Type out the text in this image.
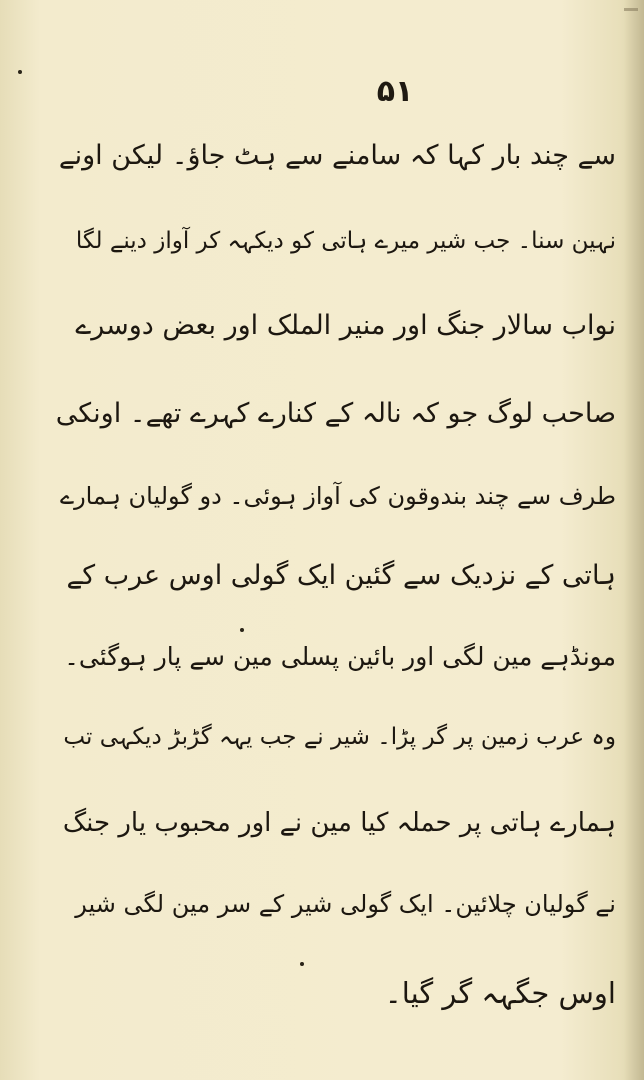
۵۱
سے چند بار کہا کہ سامنے سے ہٹ جاؤ۔ لیکن اونے
نہین سنا۔ جب شیر میرے ہاتی کو دیکہہ کر آواز دینے لگا
نواب سالار جنگ اور منیر الملک اور بعض دوسرے
صاحب لوگ جو کہ نالہ کے کنارے کہرے تھے۔ اونکی
طرف سے چند بندوقون کی آواز ہوئی۔ دو گولیان ہمارے
ہاتی کے نزدیک سے گئین ایک گولی اوس عرب کے
مونڈہے مین لگی اور بائین پسلی مین سے پار ہوگئی۔
وہ عرب زمین پر گر پڑا۔ شیر نے جب یہہ گڑبڑ دیکہی تب
ہمارے ہاتی پر حملہ کیا مین نے اور محبوب یار جنگ
نے گولیان چلائین۔ ایک گولی شیر کے سر مین لگی شیر
اوس جگہہ گر گیا۔
